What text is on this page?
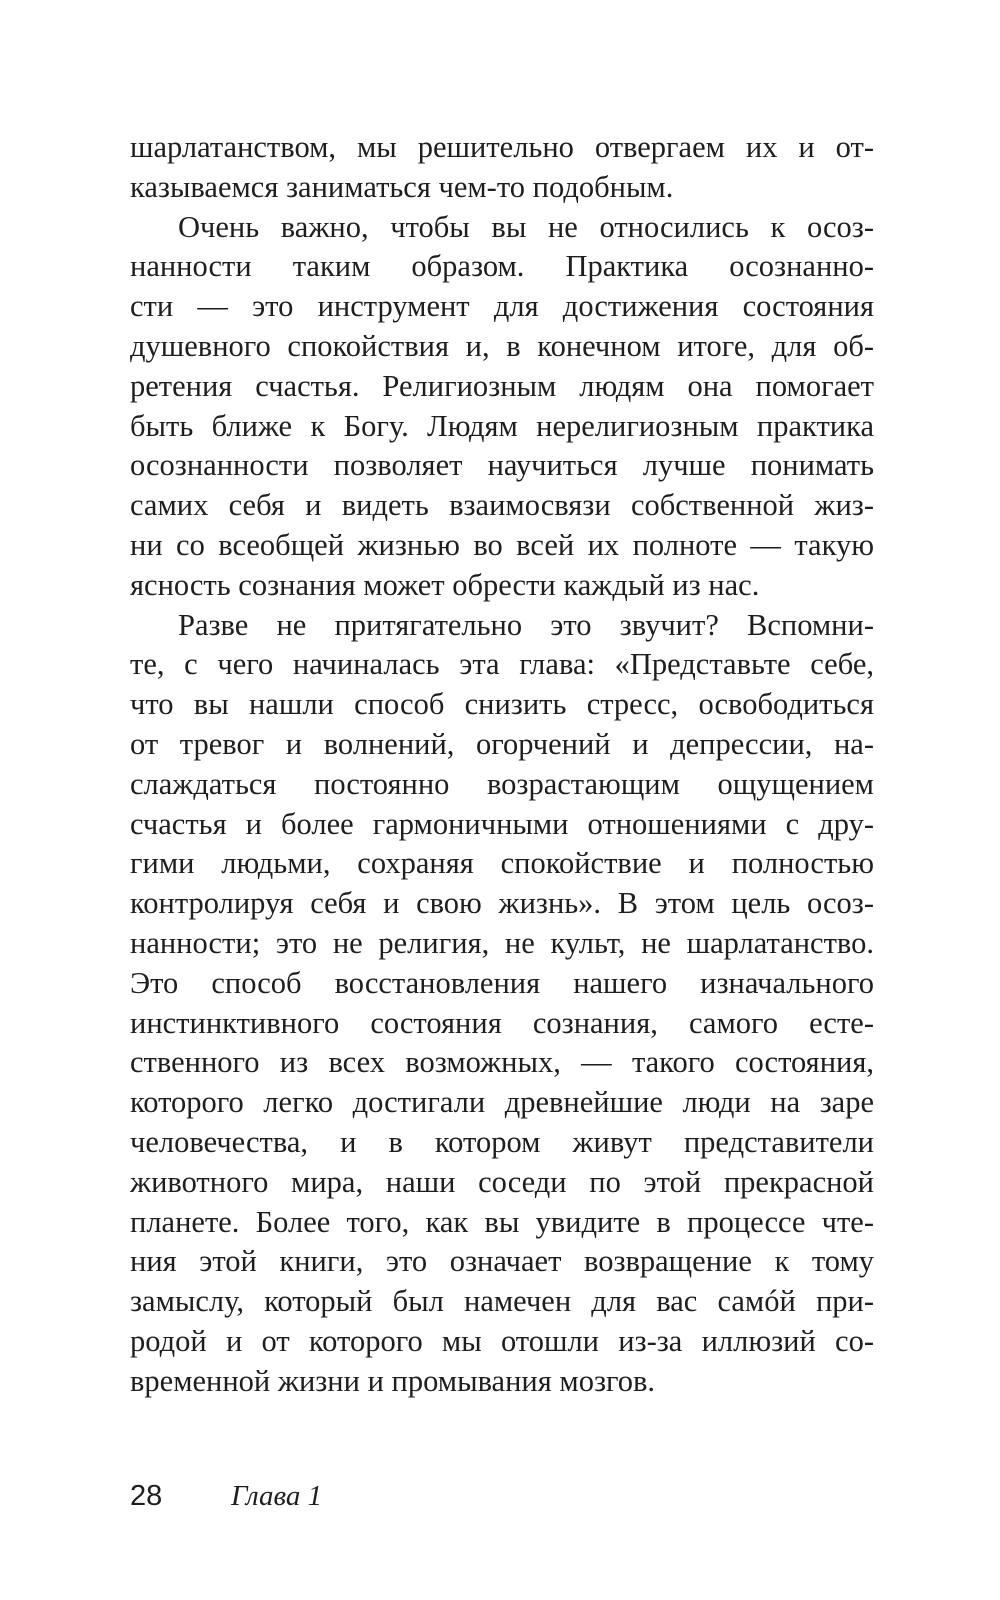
шарлатанством, мы решительно отвергаем их и от-
казываемся заниматься чем-то подобным.
Очень важно, чтобы вы не относились к осоз-
нанности таким образом. Практика осознанно-
сти — это инструмент для достижения состояния
душевного спокойствия и, в конечном итоге, для об-
ретения счастья. Религиозным людям она помогает
быть ближе к Богу. Людям нерелигиозным практика
осознанности позволяет научиться лучше понимать
самих себя и видеть взаимосвязи собственной жиз-
ни со всеобщей жизнью во всей их полноте — такую
ясность сознания может обрести каждый из нас.
Разве не притягательно это звучит? Вспомни-
те, с чего начиналась эта глава: «Представьте себе,
что вы нашли способ снизить стресс, освободиться
от тревог и волнений, огорчений и депрессии, на-
слаждаться постоянно возрастающим ощущением
счастья и более гармоничными отношениями с дру-
гими людьми, сохраняя спокойствие и полностью
контролируя себя и свою жизнь». В этом цель осоз-
нанности; это не религия, не культ, не шарлатанство.
Это способ восстановления нашего изначального
инстинктивного состояния сознания, самого есте-
ственного из всех возможных, — такого состояния,
которого легко достигали древнейшие люди на заре
человечества, и в котором живут представители
животного мира, наши соседи по этой прекрасной
планете. Более того, как вы увидите в процессе чте-
ния этой книги, это означает возвращение к тому
замыслу, который был намечен для вас самóй при-
родой и от которого мы отошли из-за иллюзий со-
временной жизни и промывания мозгов.
28 Глава 1
